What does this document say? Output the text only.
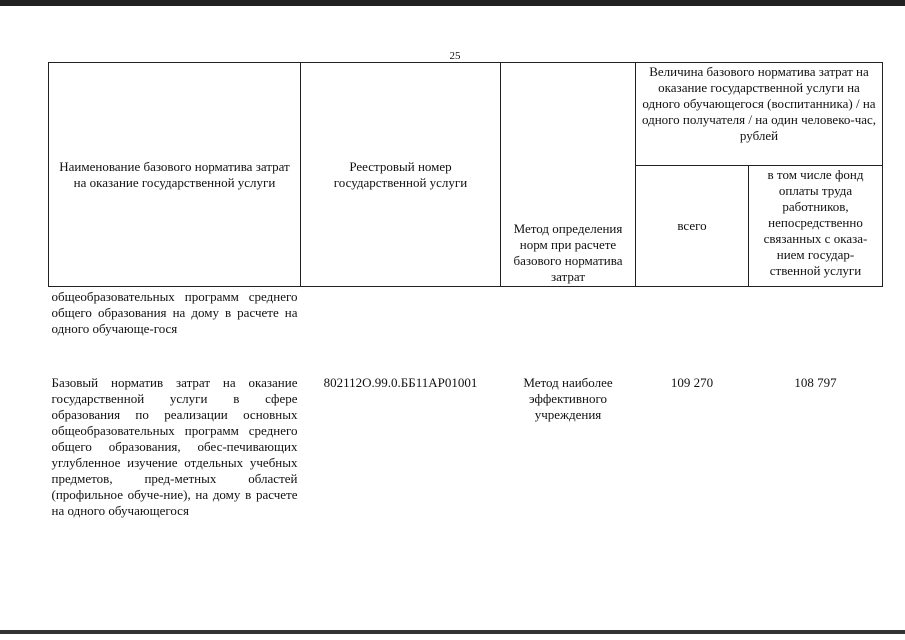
25
Наименование базового норматива затрат на оказание государственной услуги	Реестровый номер государственной услуги	Метод определения норм при расчете базового норматива затрат	Величина базового норматива затрат на оказание государственной услуги на одного обучающегося (воспитанника) / на одного получателя / на один человеко-час, рублей	
			всего	в том числе фонд оплаты труда работников, непосредственно связанных с оказа-нием государ-ственной услуги
общеобразовательных программ среднего общего образования на дому в расчете на одного обучающе-гося				
Базовый норматив затрат на оказание государственной услуги в сфере образования по реализации основных общеобразовательных программ среднего общего образования, обес-печивающих углубленное изучение отдельных учебных предметов, пред-метных областей (профильное обуче-ние), на дому в расчете на одного обучающегося	802112О.99.0.ББ11АР01001	Метод наиболее эффективного учреждения	109 270	108 797
